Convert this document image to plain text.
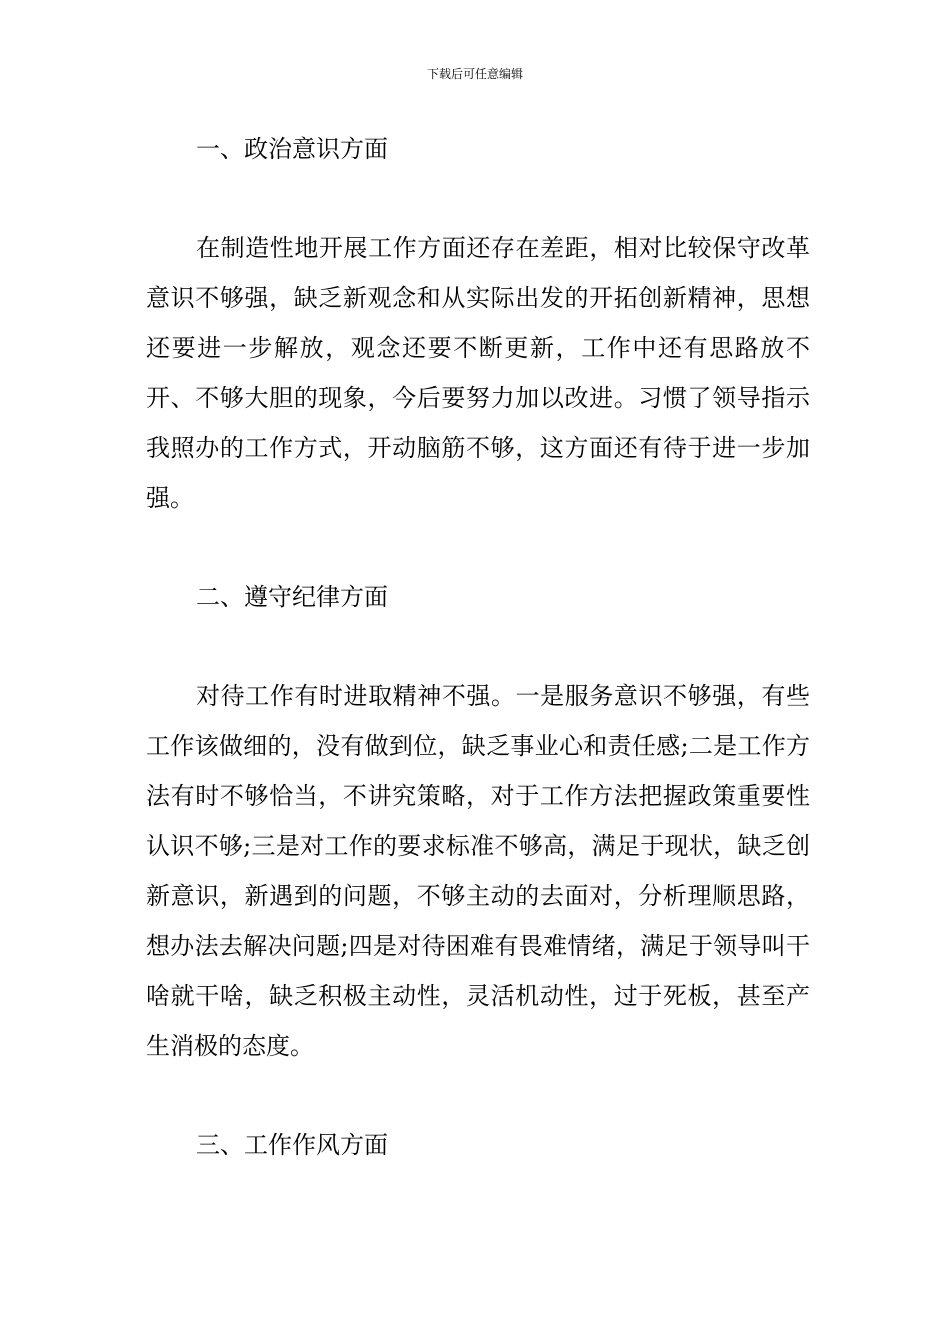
下载后可任意编辑
一、政治意识方面

在制造性地开展工作方面还存在差距，相对比较保守改革意识不够强，缺乏新观念和从实际出发的开拓创新精神，思想还要进一步解放，观念还要不断更新，工作中还有思路放不开、不够大胆的现象，今后要努力加以改进。习惯了领导指示我照办的工作方式，开动脑筋不够，这方面还有待于进一步加强。

二、遵守纪律方面

对待工作有时进取精神不强。一是服务意识不够强，有些工作该做细的，没有做到位，缺乏事业心和责任感;二是工作方法有时不够恰当，不讲究策略，对于工作方法把握政策重要性认识不够;三是对工作的要求标准不够高，满足于现状，缺乏创新意识，新遇到的问题，不够主动的去面对，分析理顺思路，想办法去解决问题;四是对待困难有畏难情绪，满足于领导叫干啥就干啥，缺乏积极主动性，灵活机动性，过于死板，甚至产生消极的态度。

三、工作作风方面
